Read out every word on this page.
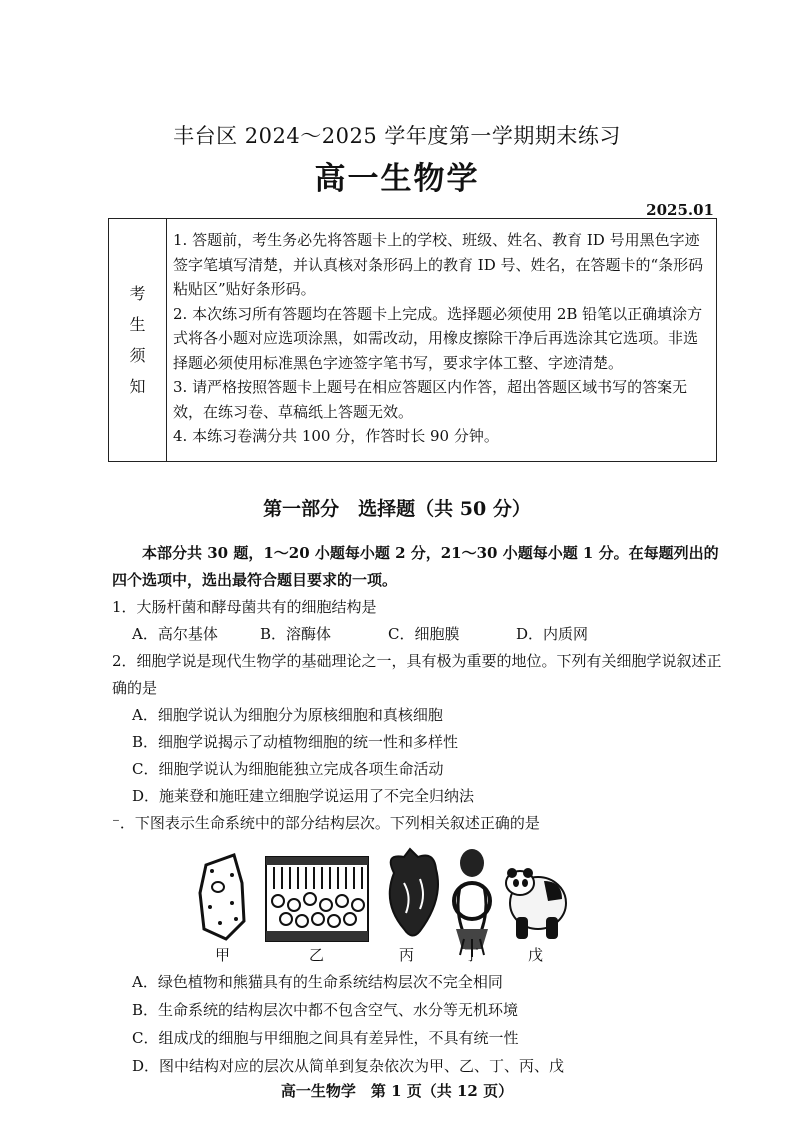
丰台区 2024～2025 学年度第一学期期末练习
高一生物学
2025.01
考
生
须
知

1. 答题前，考生务必先将答题卡上的学校、班级、姓名、教育 ID 号用黑色字迹签字笔填写清楚，并认真核对条形码上的教育 ID 号、姓名，在答题卡的“条形码粘贴区”贴好条形码。

2. 本次练习所有答题均在答题卡上完成。选择题必须使用 2B 铅笔以正确填涂方式将各小题对应选项涂黑，如需改动，用橡皮擦除干净后再选涂其它选项。非选择题必须使用标准黑色字迹签字笔书写，要求字体工整、字迹清楚。

3. 请严格按照答题卡上题号在相应答题区内作答，超出答题区域书写的答案无效，在练习卷、草稿纸上答题无效。

4. 本练习卷满分共 100 分，作答时长 90 分钟。

第一部分　选择题（共 50 分）

本部分共 30 题，1～20 小题每小题 2 分，21～30 小题每小题 1 分。在每题列出的四个选项中，选出最符合题目要求的一项。

1．大肠杆菌和酵母菌共有的细胞结构是
A．高尔基体	B．溶酶体	C．细胞膜	D．内质网
2．细胞学说是现代生物学的基础理论之一，具有极为重要的地位。下列有关细胞学说叙述正确的是
A．细胞学说认为细胞分为原核细胞和真核细胞
B．细胞学说揭示了动植物细胞的统一性和多样性
C．细胞学说认为细胞能独立完成各项生命活动
D．施莱登和施旺建立细胞学说运用了不完全归纳法
⁻．下图表示生命系统中的部分结构层次。下列相关叙述正确的是
甲	乙	丙	丁	戊
A．绿色植物和熊猫具有的生命系统结构层次不完全相同
B．生命系统的结构层次中都不包含空气、水分等无机环境
C．组成戊的细胞与甲细胞之间具有差异性，不具有统一性
D．图中结构对应的层次从简单到复杂依次为甲、乙、丁、丙、戊
高一生物学　第 1 页（共 12 页）
